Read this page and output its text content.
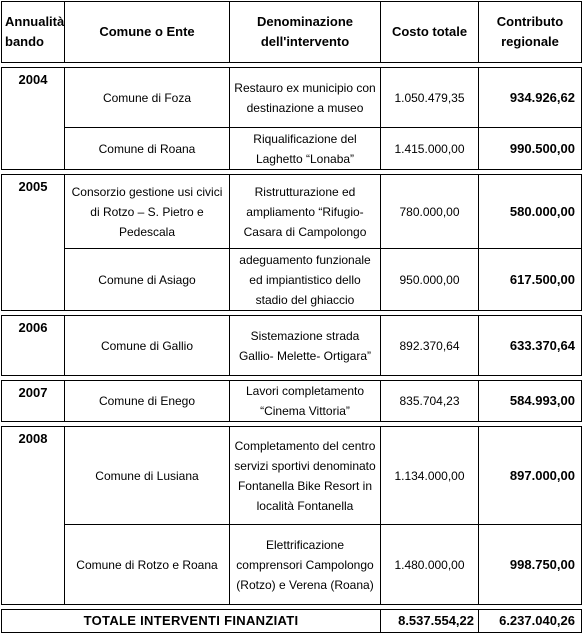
Annualità bando	Comune o Ente	Denominazione dell'intervento	Costo totale	Contributo regionale

2004	Comune di Foza	Restauro ex municipio con destinazione a museo	1.050.479,35	934.926,62
	Comune di Roana	Riqualificazione del Laghetto “Lonaba”	1.415.000,00	990.500,00

2005	Consorzio gestione usi civici di Rotzo – S. Pietro e Pedescala	Ristrutturazione ed ampliamento “Rifugio-Casara di Campolongo	780.000,00	580.000,00
	Comune di Asiago	adeguamento funzionale ed impiantistico dello stadio del ghiaccio	950.000,00	617.500,00

2006	Comune di Gallio	Sistemazione strada Gallio- Melette- Ortigara”	892.370,64	633.370,64

2007	Comune di Enego	Lavori completamento “Cinema Vittoria”	835.704,23	584.993,00

2008	Comune di Lusiana	Completamento del centro servizi sportivi denominato Fontanella Bike Resort in località Fontanella	1.134.000,00	897.000,00
	Comune di Rotzo e Roana	Elettrificazione comprensori Campolongo (Rotzo) e Verena (Roana)	1.480.000,00	998.750,00

TOTALE INTERVENTI FINANZIATI			8.537.554,22	6.237.040,26
